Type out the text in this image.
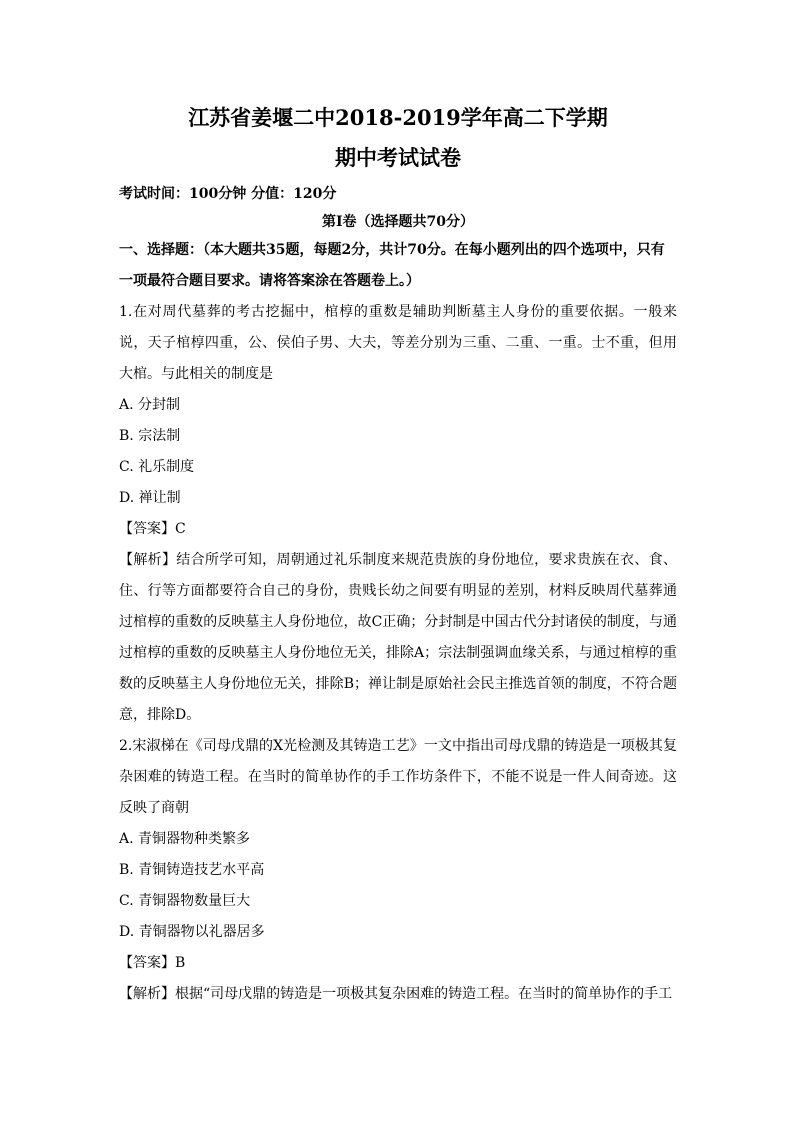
江苏省姜堰二中2018-2019学年高二下学期
期中考试试卷
考试时间：100分钟 分值：120分
第Ⅰ卷（选择题共70分）
一、选择题：（本大题共35题，每题2分，共计70分。在每小题列出的四个选项中，只有一项最符合题目要求。请将答案涂在答题卷上。）
1.在对周代墓葬的考古挖掘中，棺椁的重数是辅助判断墓主人身份的重要依据。一般来说，天子棺椁四重，公、侯伯子男、大夫，等差分别为三重、二重、一重。士不重，但用大棺。与此相关的制度是
A. 分封制
B. 宗法制
C. 礼乐制度
D. 禅让制
【答案】C
【解析】结合所学可知，周朝通过礼乐制度来规范贵族的身份地位，要求贵族在衣、食、住、行等方面都要符合自己的身份，贵贱长幼之间要有明显的差别，材料反映周代墓葬通过棺椁的重数的反映墓主人身份地位，故C正确；分封制是中国古代分封诸侯的制度，与通过棺椁的重数的反映墓主人身份地位无关，排除A；宗法制强调血缘关系，与通过棺椁的重数的反映墓主人身份地位无关，排除B；禅让制是原始社会民主推选首领的制度，不符合题意，排除D。
2.宋淑梯在《司母戊鼎的X光检测及其铸造工艺》一文中指出司母戊鼎的铸造是一项极其复杂困难的铸造工程。在当时的简单协作的手工作坊条件下，不能不说是一件人间奇迹。这反映了商朝
A. 青铜器物种类繁多
B. 青铜铸造技艺水平高
C. 青铜器物数量巨大
D. 青铜器物以礼器居多
【答案】B
【解析】根据“司母戊鼎的铸造是一项极其复杂困难的铸造工程。在当时的简单协作的手工
